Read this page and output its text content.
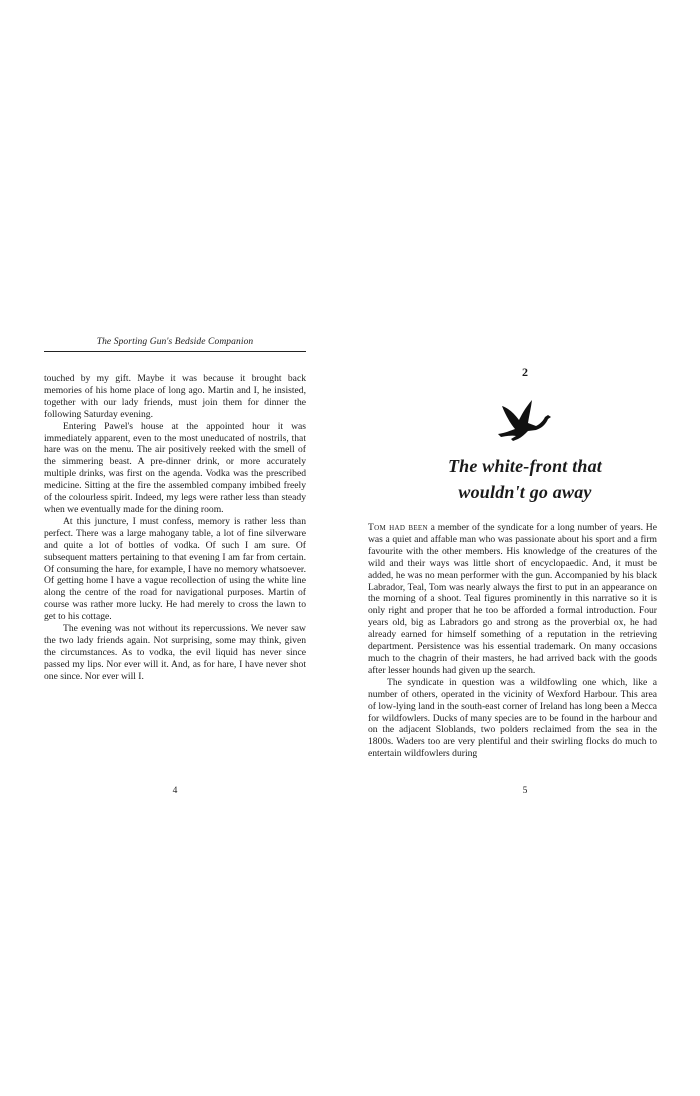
The Sporting Gun's Bedside Companion

touched by my gift. Maybe it was because it brought back memories of his home place of long ago. Martin and I, he insisted, together with our lady friends, must join them for dinner the following Saturday evening.

Entering Pawel's house at the appointed hour it was immediately apparent, even to the most uneducated of nostrils, that hare was on the menu. The air positively reeked with the smell of the simmering beast. A pre-dinner drink, or more accurately multiple drinks, was first on the agenda. Vodka was the prescribed medicine. Sitting at the fire the assembled company imbibed freely of the colourless spirit. Indeed, my legs were rather less than steady when we eventually made for the dining room.

At this juncture, I must confess, memory is rather less than perfect. There was a large mahogany table, a lot of fine silverware and quite a lot of bottles of vodka. Of such I am sure. Of subsequent matters pertaining to that evening I am far from certain. Of consuming the hare, for example, I have no memory whatsoever. Of getting home I have a vague recollection of using the white line along the centre of the road for navigational purposes. Martin of course was rather more lucky. He had merely to cross the lawn to get to his cottage.

The evening was not without its repercussions. We never saw the two lady friends again. Not surprising, some may think, given the circumstances. As to vodka, the evil liquid has never since passed my lips. Nor ever will it. And, as for hare, I have never shot one since. Nor ever will I.

4
2
The white-front that
wouldn't go away

Tom had been a member of the syndicate for a long number of years. He was a quiet and affable man who was passionate about his sport and a firm favourite with the other members. His knowledge of the creatures of the wild and their ways was little short of encyclopaedic. And, it must be added, he was no mean performer with the gun. Accompanied by his black Labrador, Teal, Tom was nearly always the first to put in an appearance on the morning of a shoot. Teal figures prominently in this narrative so it is only right and proper that he too be afforded a formal introduction. Four years old, big as Labradors go and strong as the proverbial ox, he had already earned for himself something of a reputation in the retrieving department. Persistence was his essential trademark. On many occasions much to the chagrin of their masters, he had arrived back with the goods after lesser hounds had given up the search.

The syndicate in question was a wildfowling one which, like a number of others, operated in the vicinity of Wexford Harbour. This area of low-lying land in the south-east corner of Ireland has long been a Mecca for wildfowlers. Ducks of many species are to be found in the harbour and on the adjacent Sloblands, two polders reclaimed from the sea in the 1800s. Waders too are very plentiful and their swirling flocks do much to entertain wildfowlers during

5
